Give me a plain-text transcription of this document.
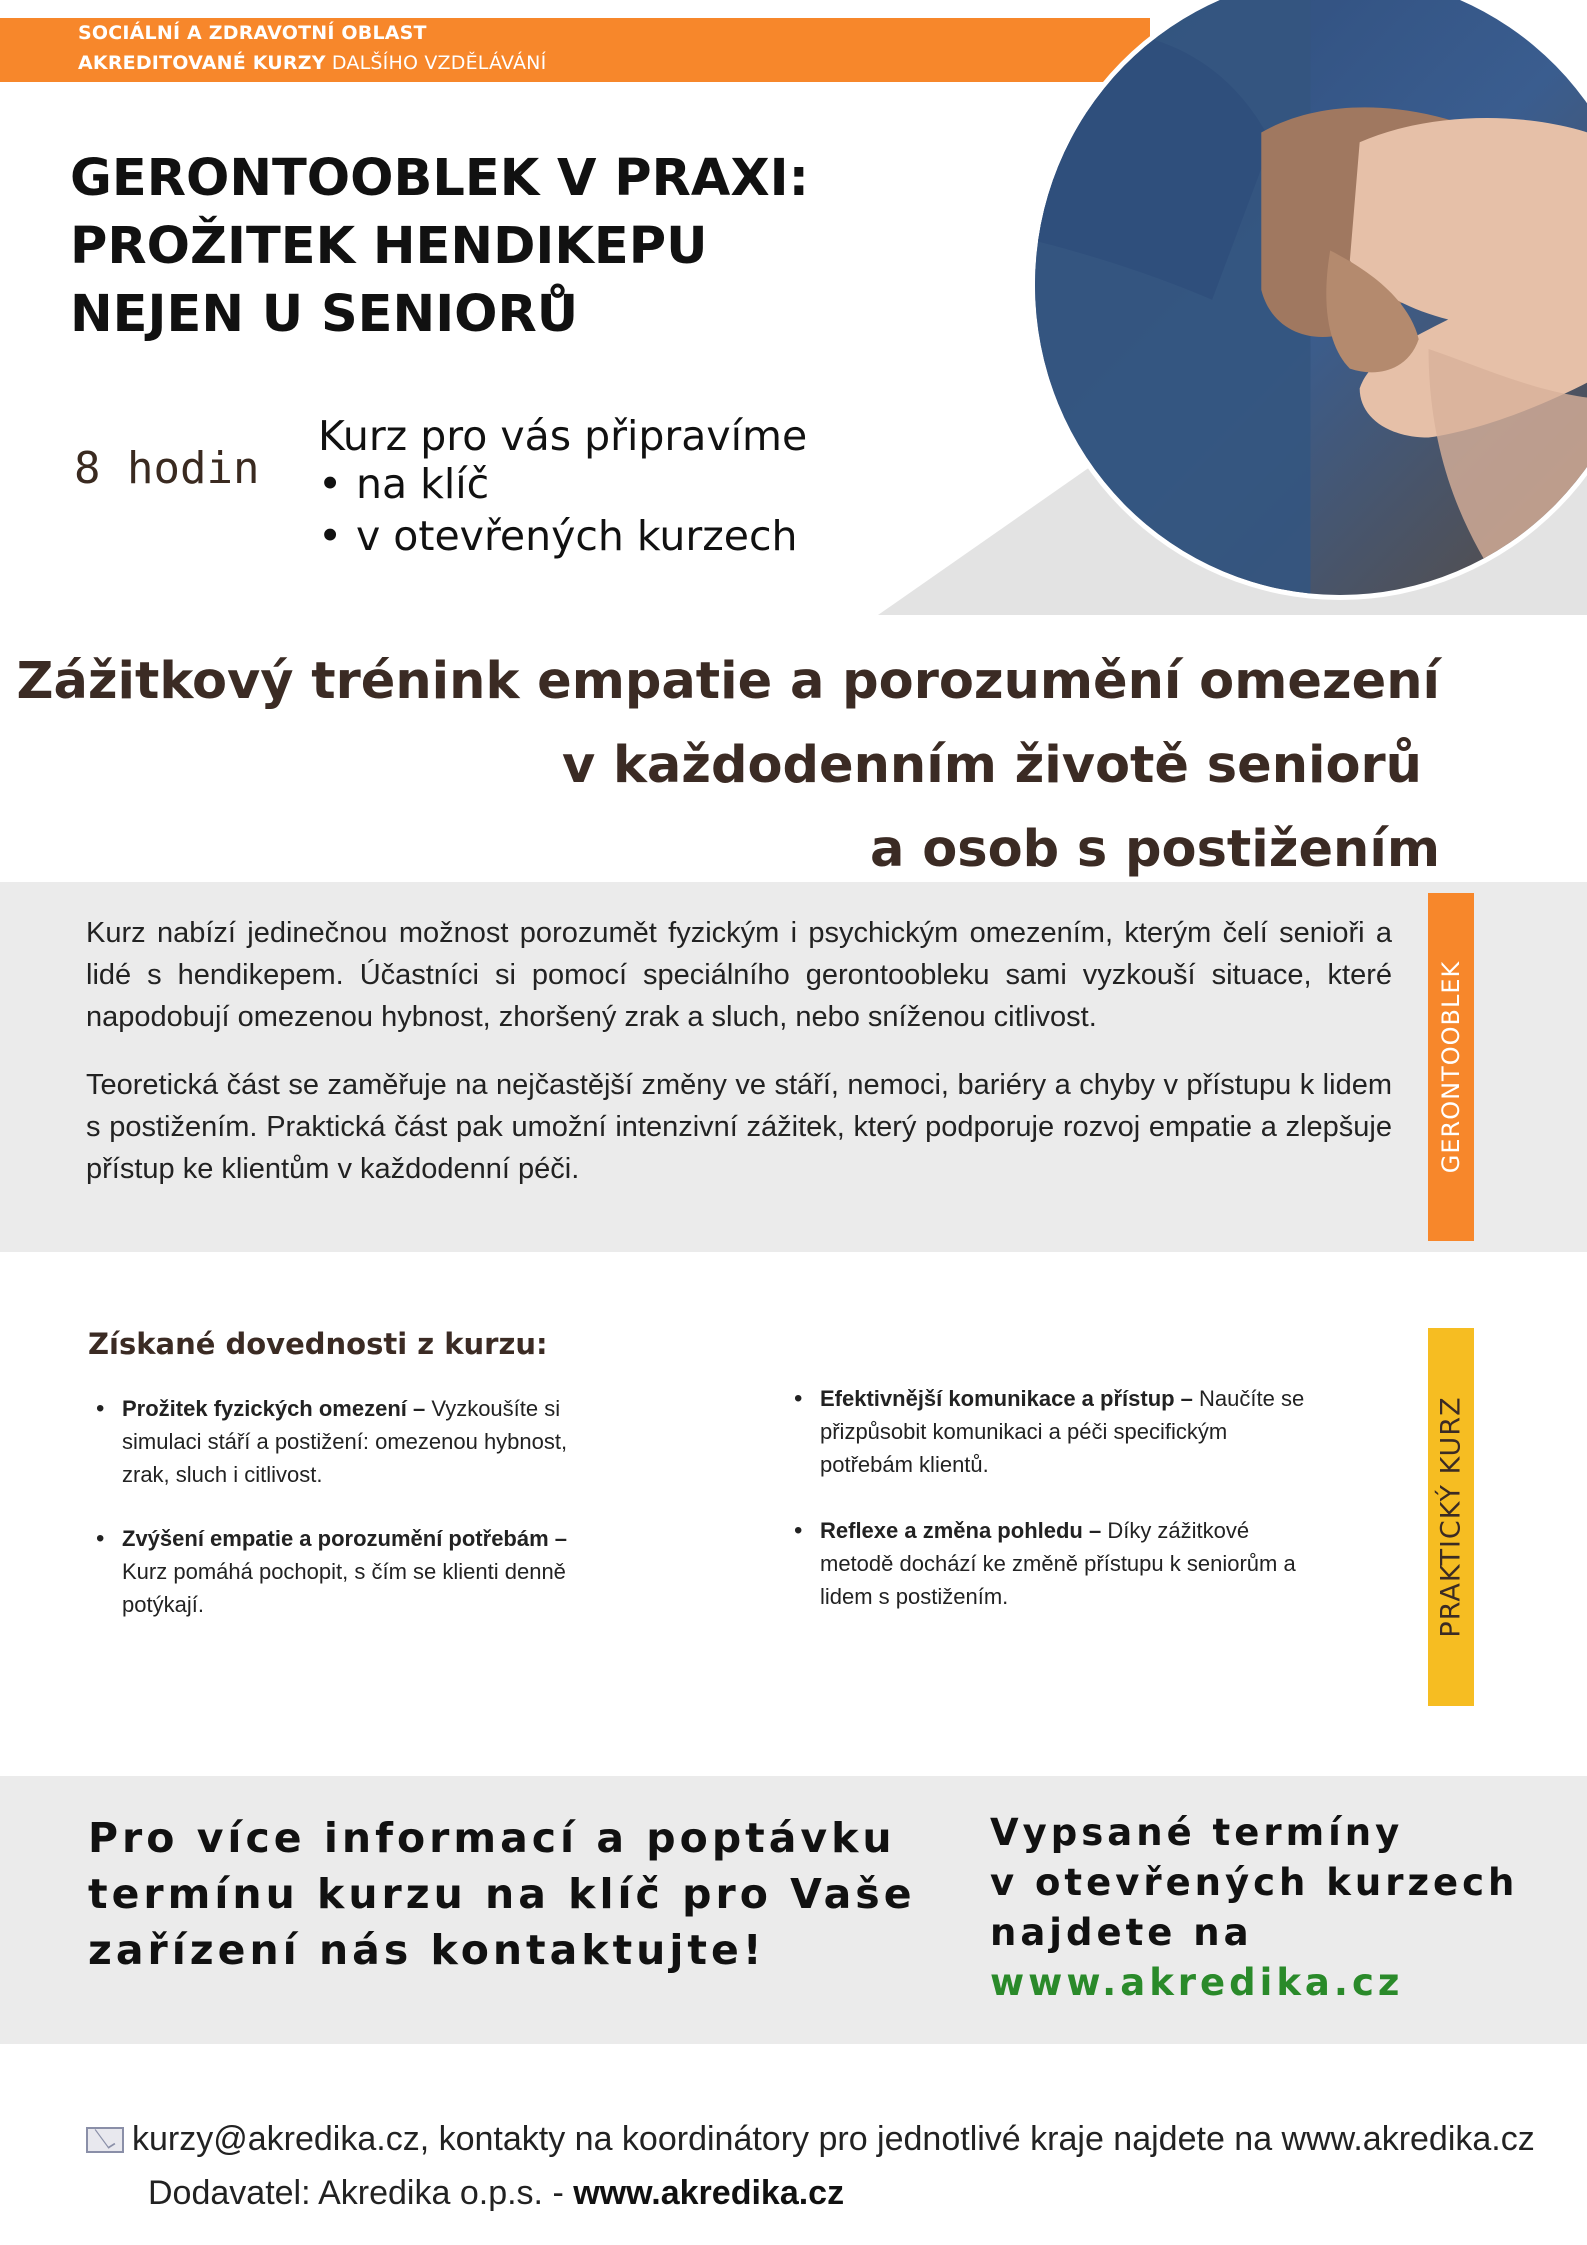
SOCIÁLNÍ A ZDRAVOTNÍ OBLAST
AKREDITOVANÉ KURZY DALŠÍHO VZDĚLÁVÁNÍ
GERONTOOBLEK V PRAXI:
PROŽITEK HENDIKEPU
NEJEN U SENIORŮ
8 hodin
Kurz pro vás připravíme
• na klíč
• v otevřených kurzech
Zážitkový trénink empatie a porozumění omezení
v každodenním životě seniorů
a osob s postižením

Kurz nabízí jedinečnou možnost porozumět fyzickým i psychickým omezením, kterým čelí senioři a lidé s hendikepem. Účastníci si pomocí speciálního gerontoobleku sami vyzkouší situace, které napodobují omezenou hybnost, zhoršený zrak a sluch, nebo sníženou citlivost.

Teoretická část se zaměřuje na nejčastější změny ve stáří, nemoci, bariéry a chyby v přístupu k lidem s postižením. Praktická část pak umožní intenzivní zážitek, který podporuje rozvoj empatie a zlepšuje přístup ke klientům v každodenní péči.	GERONTOOBLEK
Získané dovednosti z kurzu:
• Prožitek fyzických omezení – Vyzkoušíte si simulaci stáří a postižení: omezenou hybnost, zrak, sluch i citlivost.
• Zvýšení empatie a porozumění potřebám – Kurz pomáhá pochopit, s čím se klienti denně potýkají.
• Efektivnější komunikace a přístup – Naučíte se přizpůsobit komunikaci a péči specifickým potřebám klientů.
• Reflexe a změna pohledu – Díky zážitkové metodě dochází ke změně přístupu k seniorům a lidem s postižením.	PRAKTICKÝ KURZ
Pro více informací a poptávku
termínu kurzu na klíč pro Vaše
zařízení nás kontaktujte!
Vypsané termíny
v otevřených kurzech
najdete na
www.akredika.cz
kurzy@akredika.cz, kontakty na koordinátory pro jednotlivé kraje najdete na www.akredika.cz
Dodavatel: Akredika o.p.s. - www.akredika.cz
